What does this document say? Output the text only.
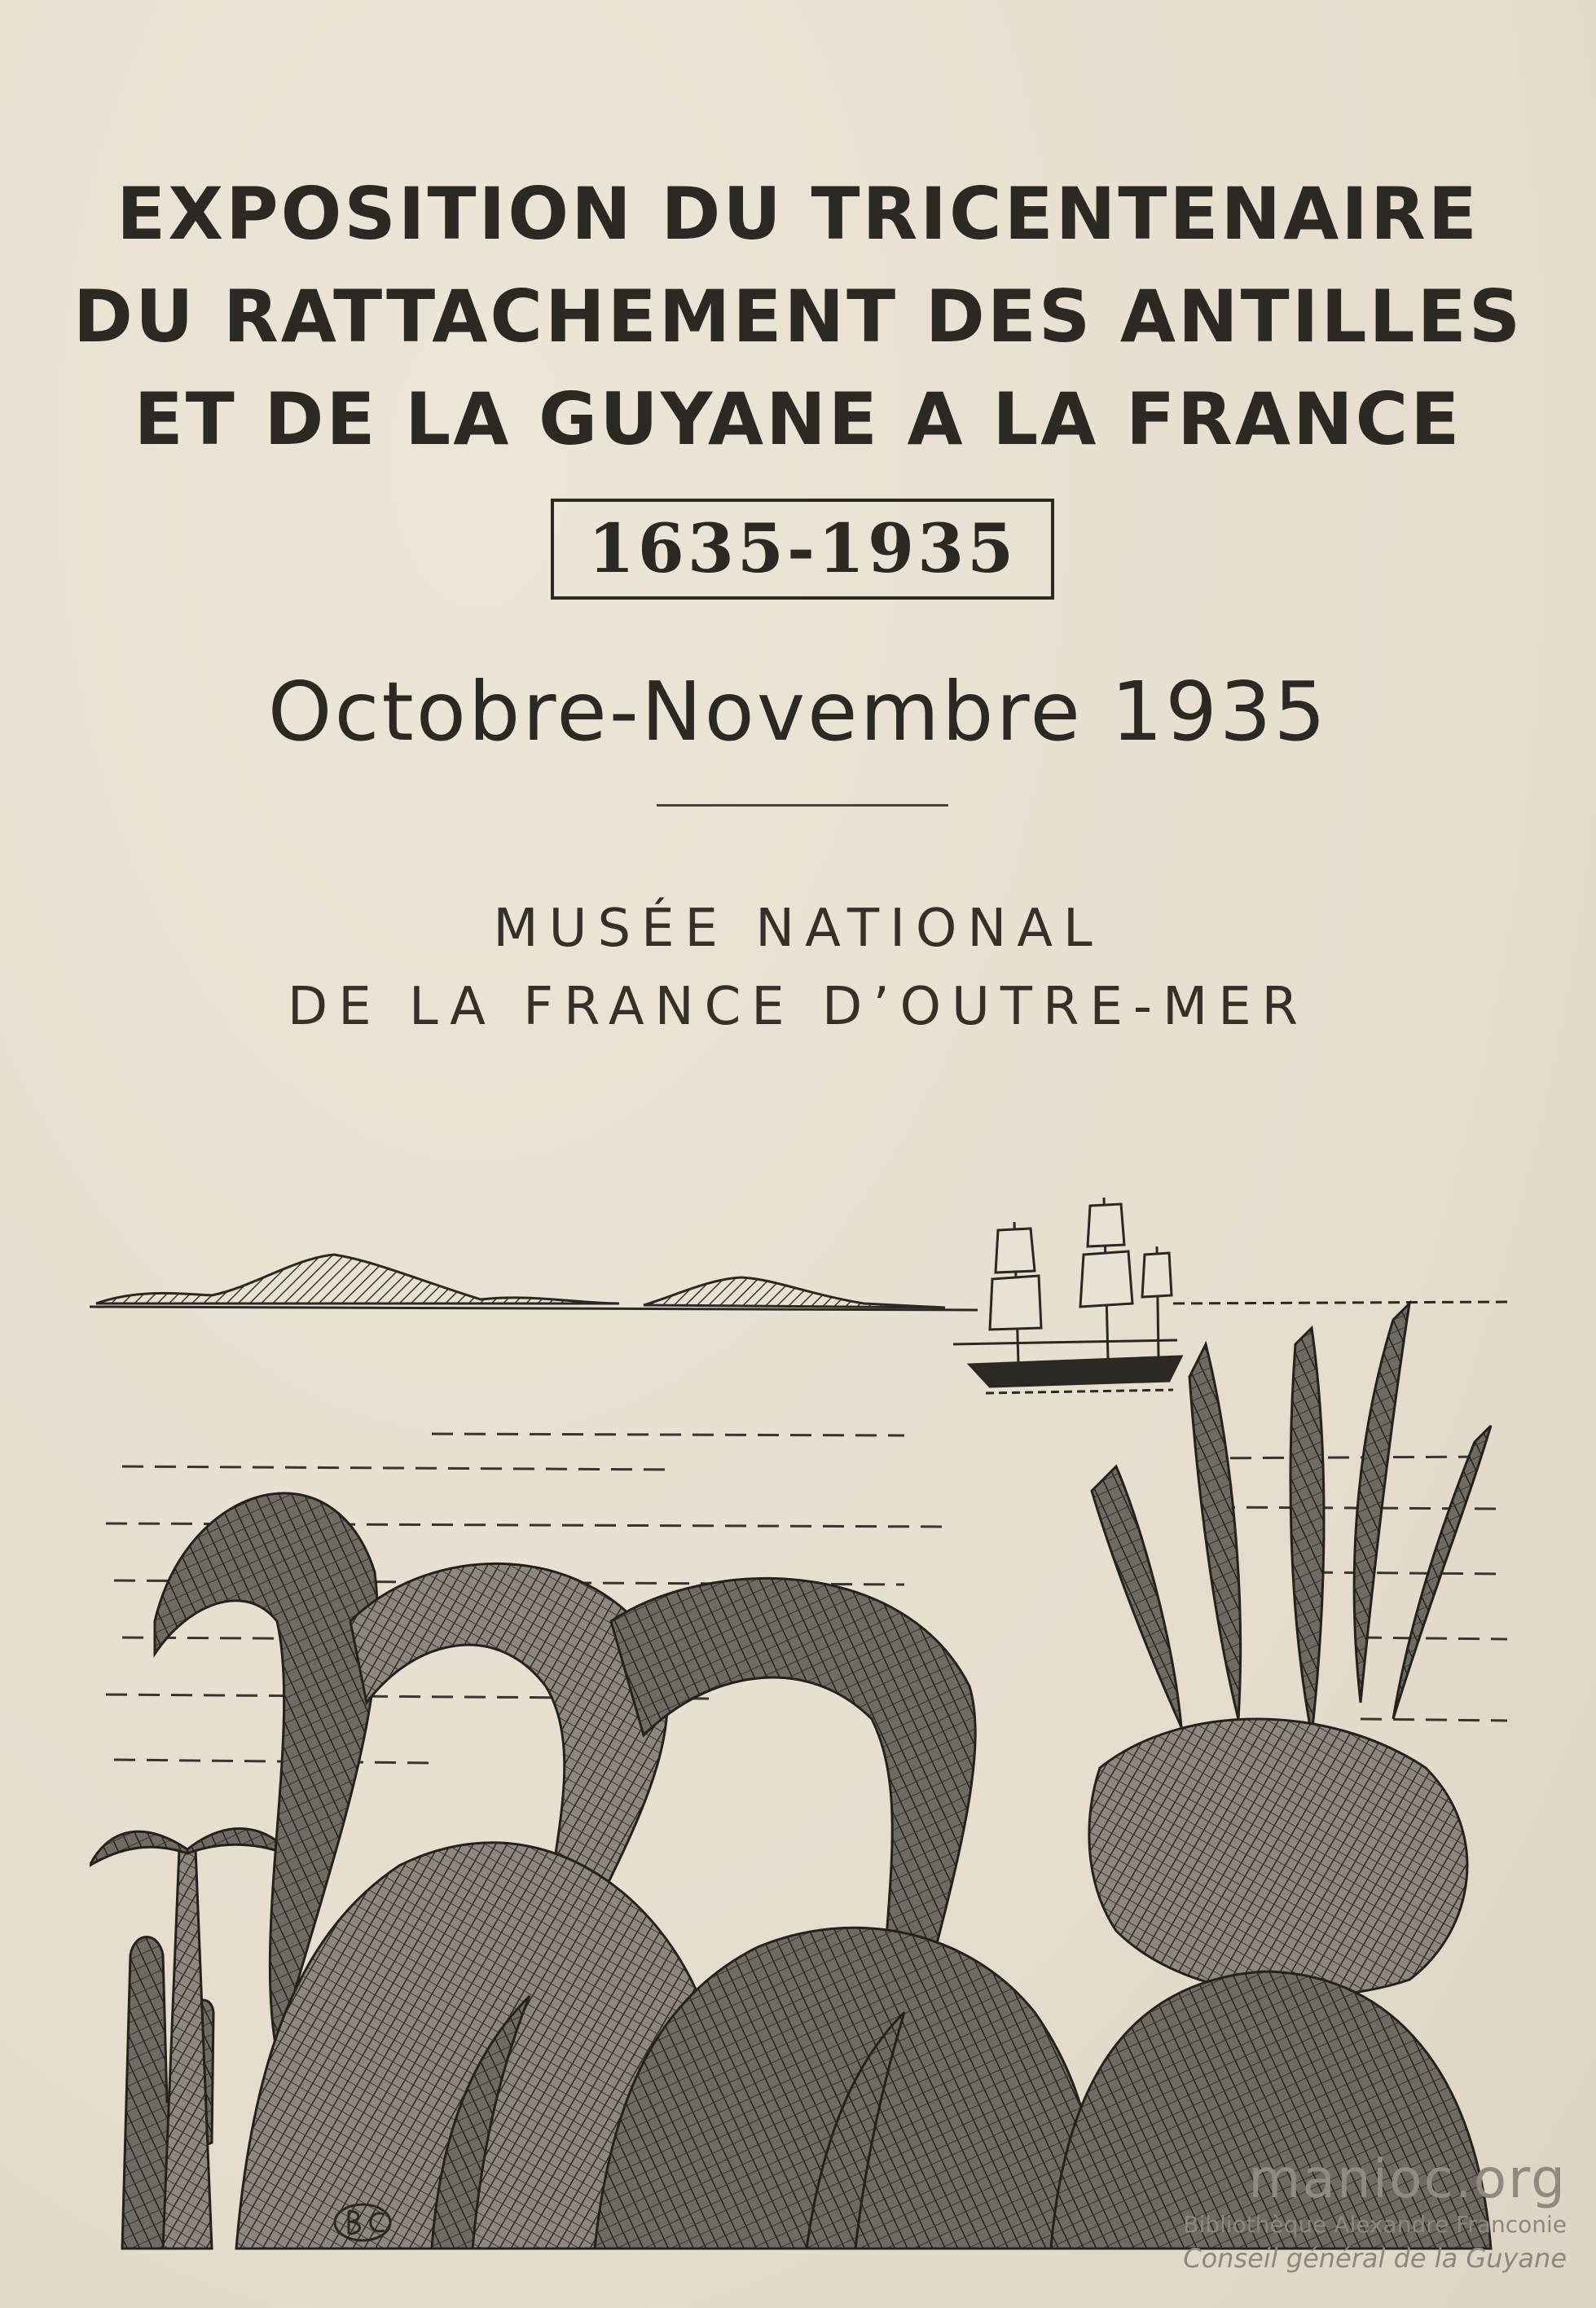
EXPOSITION DU TRICENTENAIRE
DU RATTACHEMENT DES ANTILLES
ET DE LA GUYANE A LA FRANCE
1635-1935
Octobre-Novembre 1935
MUSÉE NATIONAL
DE LA FRANCE D’OUTRE-MER
manioc.org
Bibliothèque Alexandre Franconie
Conseil général de la Guyane
